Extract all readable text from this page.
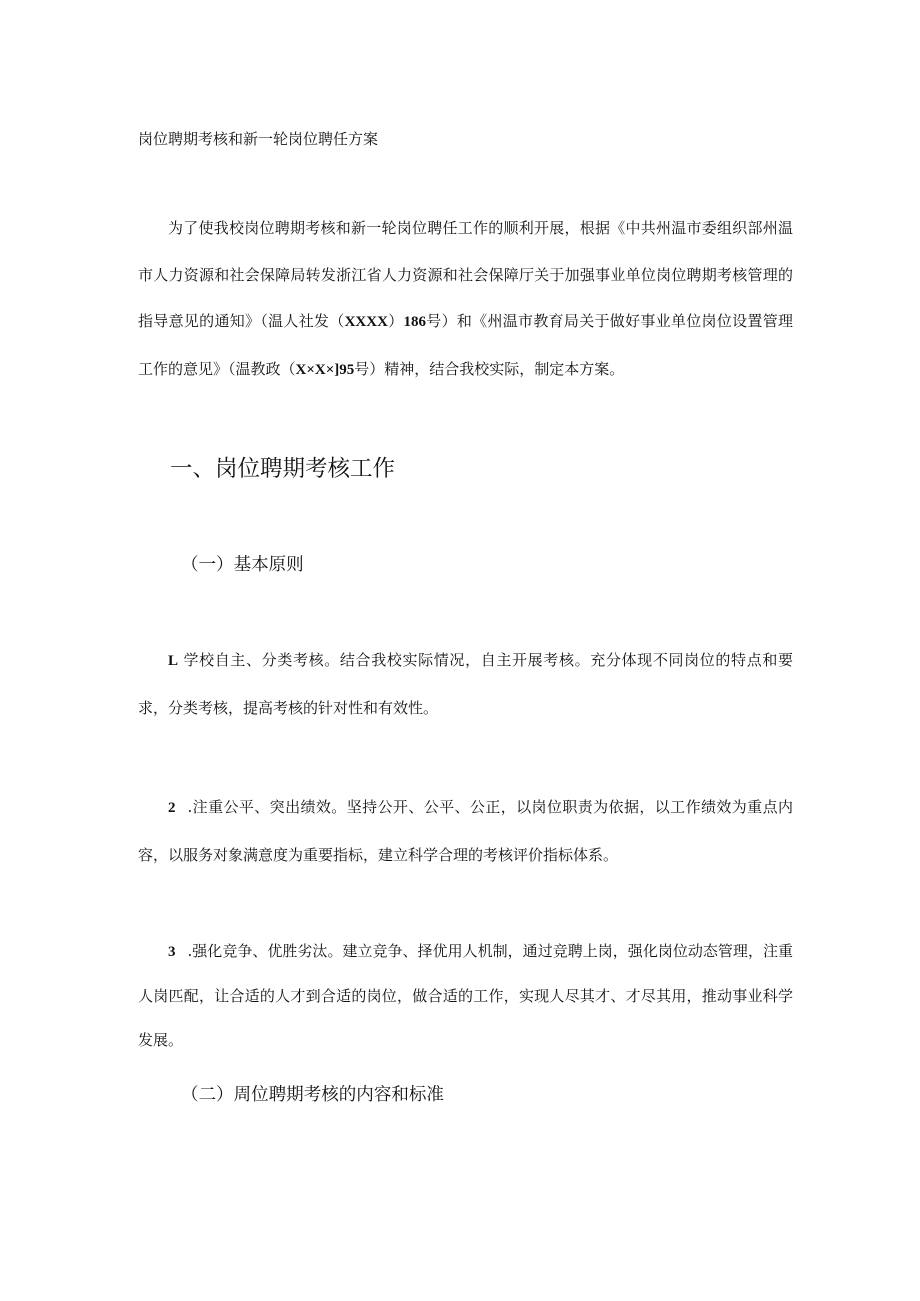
岗位聘期考核和新一轮岗位聘任方案

为了使我校岗位聘期考核和新一轮岗位聘任工作的顺利开展，根据《中共州温市委组织部州温市人力资源和社会保障局转发浙江省人力资源和社会保障厅关于加强事业单位岗位聘期考核管理的指导意见的通知》（温人社发（XXXX）186号）和《州温市教育局关于做好事业单位岗位设置管理工作的意见》（温教政（X×X×]95号）精神，结合我校实际，制定本方案。

一、岗位聘期考核工作
（一）基本原则

L 学校自主、分类考核。结合我校实际情况，自主开展考核。充分体现不同岗位的特点和要求，分类考核，提高考核的针对性和有效性。

2 .注重公平、突出绩效。坚持公开、公平、公正，以岗位职责为依据，以工作绩效为重点内容，以服务对象满意度为重要指标，建立科学合理的考核评价指标体系。

3 .强化竞争、优胜劣汰。建立竞争、择优用人机制，通过竞聘上岗，强化岗位动态管理，注重人岗匹配，让合适的人才到合适的岗位，做合适的工作，实现人尽其才、才尽其用，推动事业科学发展。

（二）周位聘期考核的内容和标准
